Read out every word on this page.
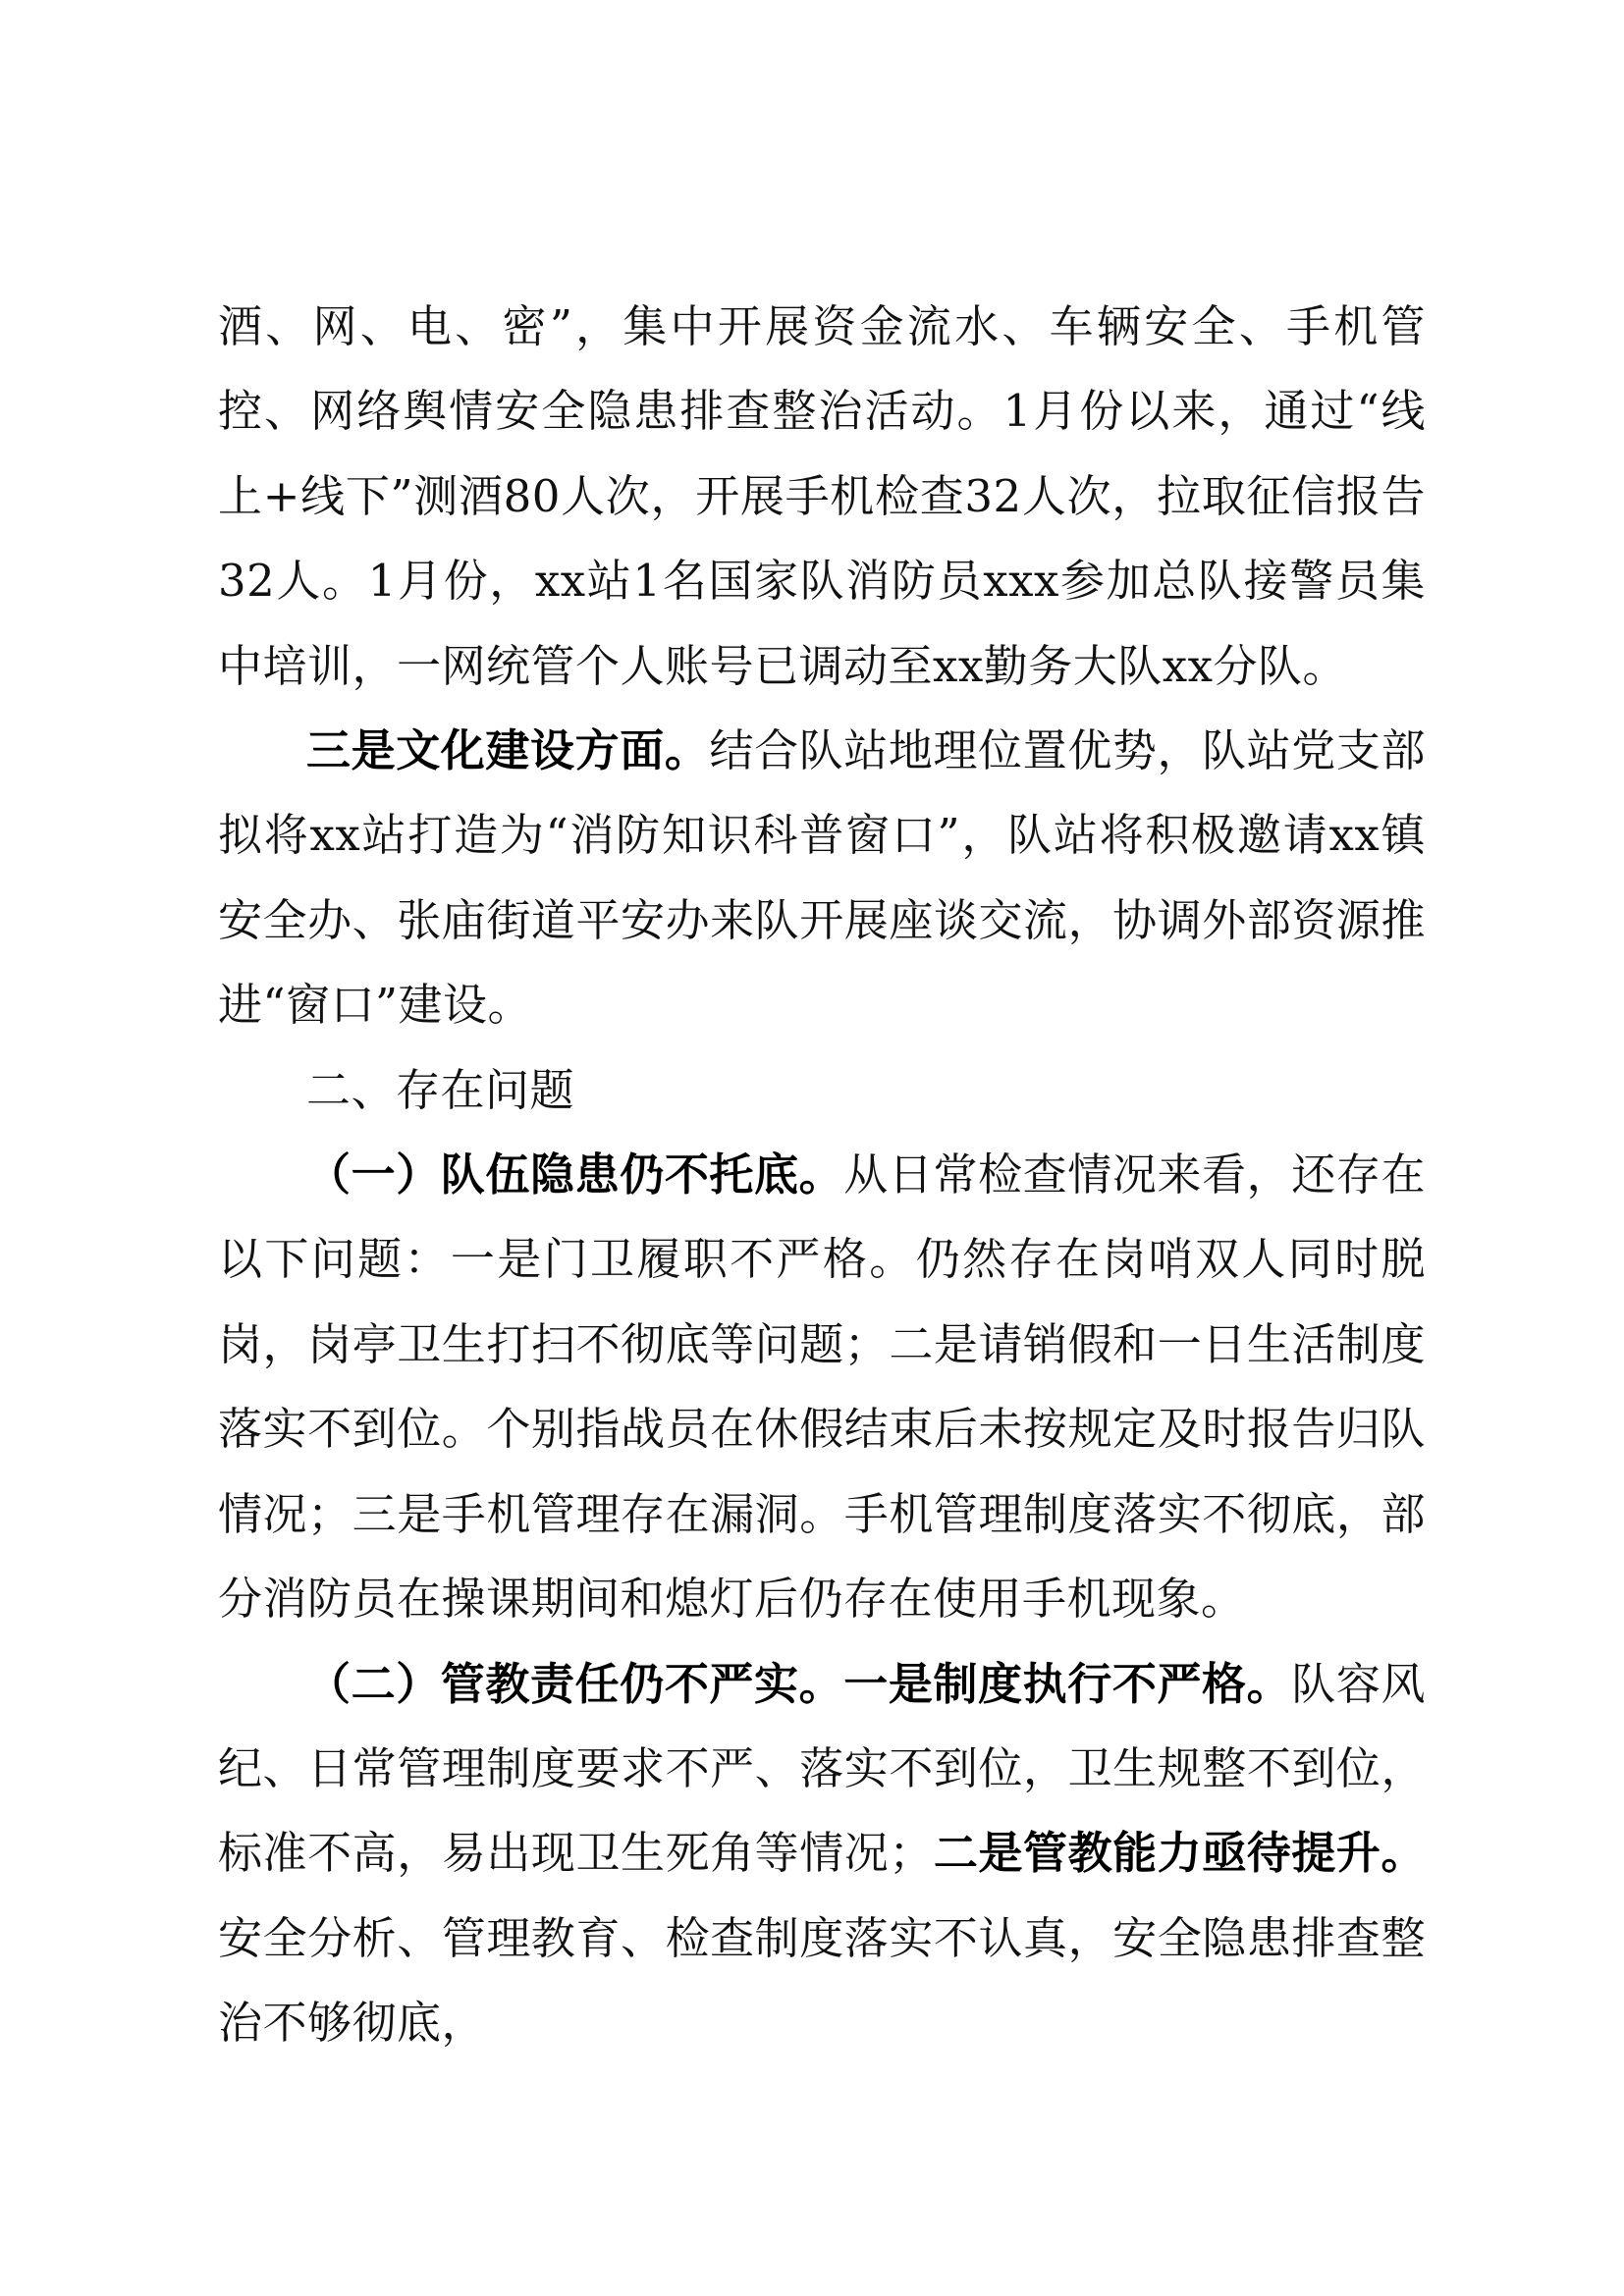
酒、网、电、密”，集中开展资金流水、车辆安全、手机管控、网络舆情安全隐患排查整治活动。1月份以来，通过“线上+线下”测酒80人次，开展手机检查32人次，拉取征信报告32人。1月份，xx站1名国家队消防员xxx参加总队接警员集中培训，一网统管个人账号已调动至xx勤务大队xx分队。

三是文化建设方面。结合队站地理位置优势，队站党支部拟将xx站打造为“消防知识科普窗口”，队站将积极邀请xx镇安全办、张庙街道平安办来队开展座谈交流，协调外部资源推进“窗口”建设。

二、存在问题

（一）队伍隐患仍不托底。从日常检查情况来看，还存在以下问题：一是门卫履职不严格。仍然存在岗哨双人同时脱岗，岗亭卫生打扫不彻底等问题；二是请销假和一日生活制度落实不到位。个别指战员在休假结束后未按规定及时报告归队情况；三是手机管理存在漏洞。手机管理制度落实不彻底，部分消防员在操课期间和熄灯后仍存在使用手机现象。

（二）管教责任仍不严实。一是制度执行不严格。队容风纪、日常管理制度要求不严、落实不到位，卫生规整不到位，标准不高，易出现卫生死角等情况；二是管教能力亟待提升。安全分析、管理教育、检查制度落实不认真，安全隐患排查整治不够彻底，
